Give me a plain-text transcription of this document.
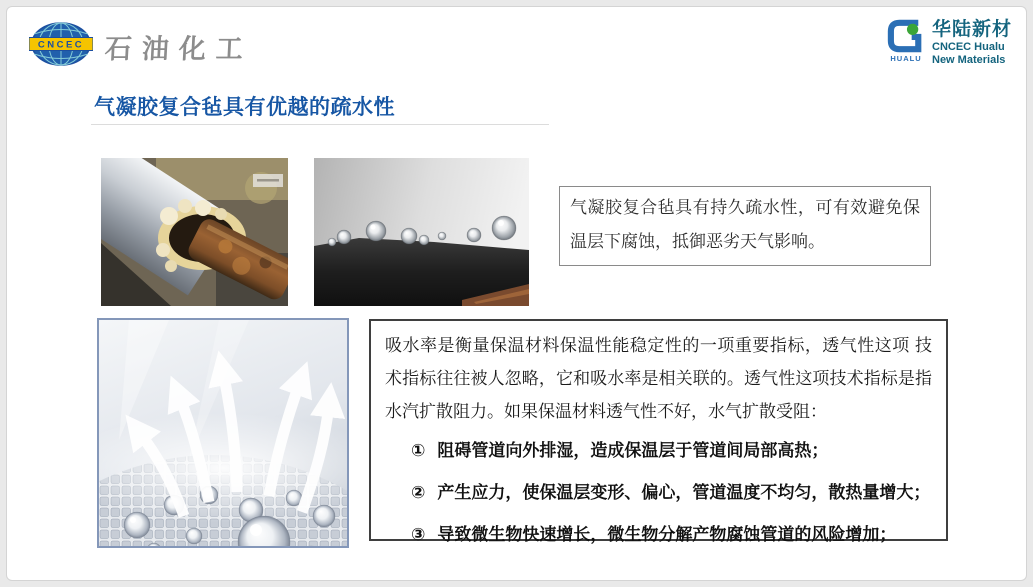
CNCEC 石油化工	HUALU
华陆新材
CNCEC Hualu
New Materials
气凝胶复合毡具有优越的疏水性
气凝胶复合毡具有持久疏水性，可有效避免保温层下腐蚀，抵御恶劣天气影响。
吸水率是衡量保温材料保温性能稳定性的一项重要指标，透气性这项 技术指标往往被人忽略，它和吸水率是相关联的。透气性这项技术指标是指水汽扩散阻力。如果保温材料透气性不好，水气扩散受阻：
① 阻碍管道向外排湿，造成保温层于管道间局部高热；
② 产生应力，使保温层变形、偏心，管道温度不均匀，散热量增大；
③ 导致微生物快速增长，微生物分解产物腐蚀管道的风险增加；
